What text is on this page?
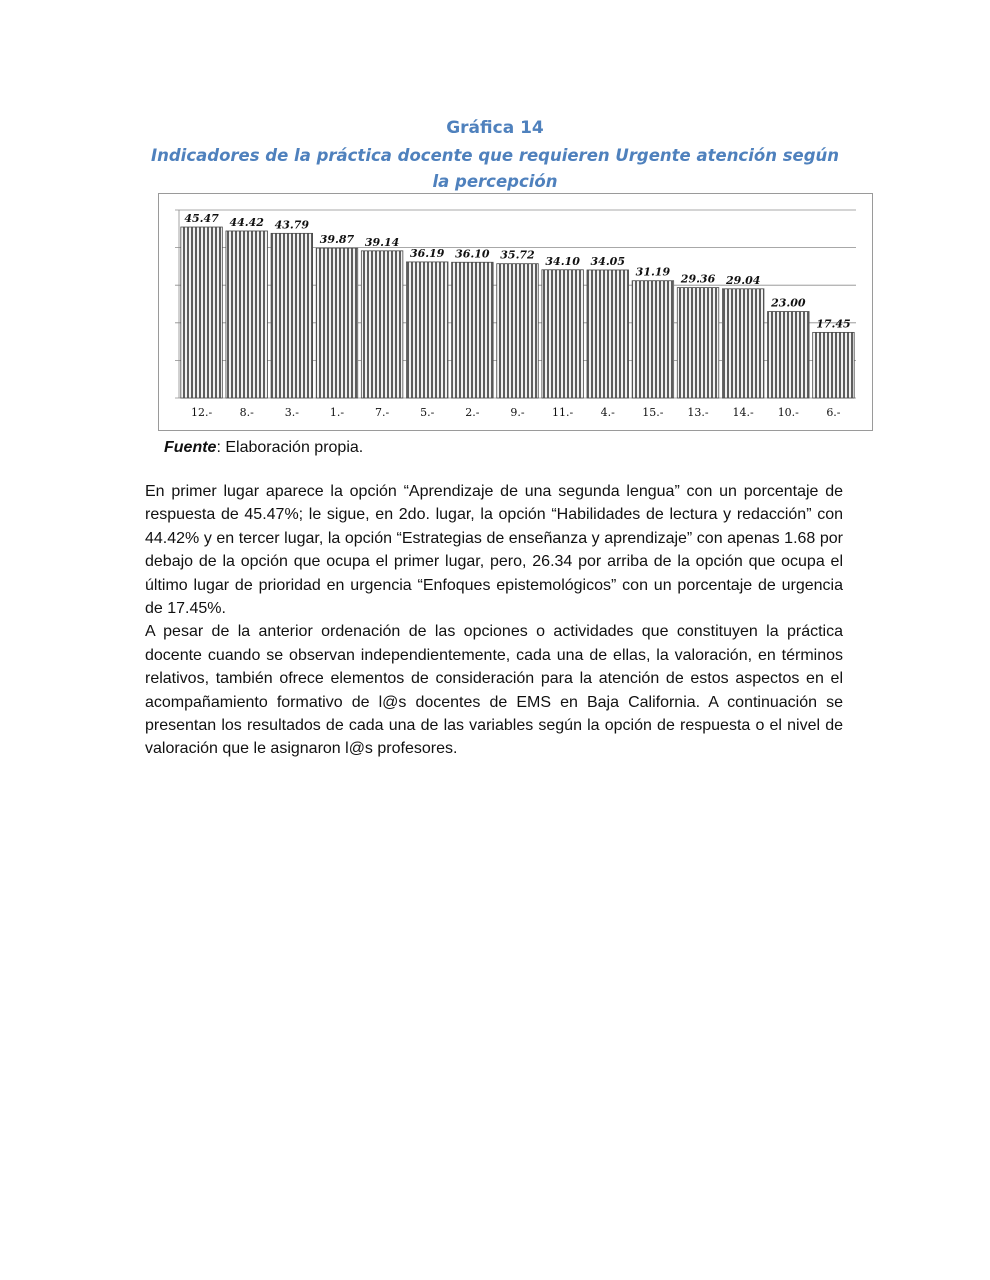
Gráfica 14
Indicadores de la práctica docente que requieren Urgente atención según la percepción
45.47 44.42 43.79
39.87 39.14
36.19 36.10 35.72 34.10 34.05
31.19
29.36 29.04
23.00
17.45
12.- 8.-	3.-	1.-	7.-	5.-	2.-	9.- 11.- 4.- 15.- 13.- 14.- 10.- 6.-
Fuente: Elaboración propia.

En primer lugar aparece la opción “Aprendizaje de una segunda lengua” con un porcentaje de respuesta de 45.47%; le sigue, en 2do. lugar, la opción “Habilidades de lectura y redacción” con 44.42% y en tercer lugar, la opción “Estrategias de enseñanza y aprendizaje” con apenas 1.68 por debajo de la opción que ocupa el primer lugar, pero, 26.34 por arriba de la opción que ocupa el último lugar de prioridad en urgencia “Enfoques epistemológicos” con un porcentaje de urgencia de 17.45%.

A pesar de la anterior ordenación de las opciones o actividades que constituyen la práctica docente cuando se observan independientemente, cada una de ellas, la valoración, en términos relativos, también ofrece elementos de consideración para la atención de estos aspectos en el acompañamiento formativo de l@s docentes de EMS en Baja California. A continuación se presentan los resultados de cada una de las variables según la opción de respuesta o el nivel de valoración que le asignaron l@s profesores.
